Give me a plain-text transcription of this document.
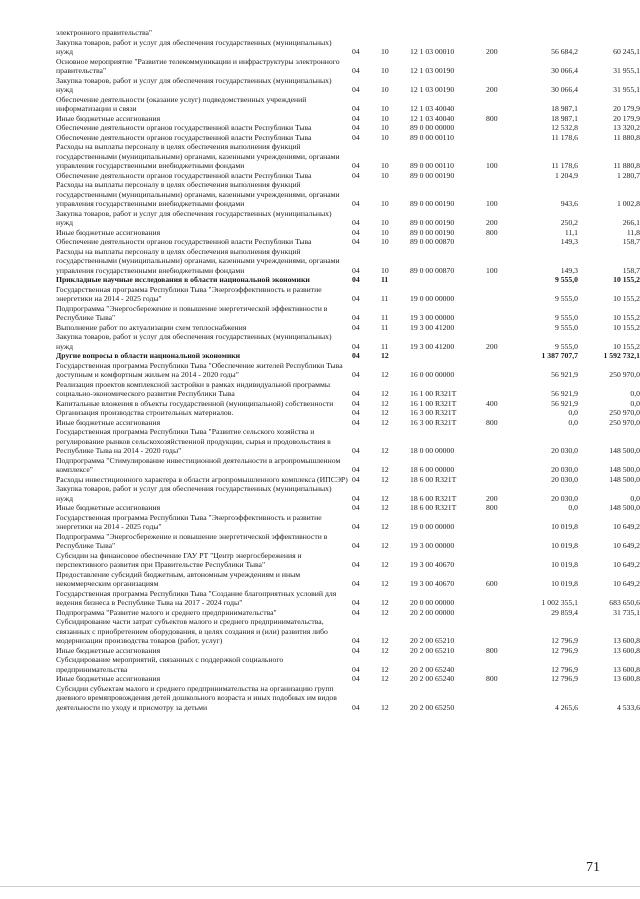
электронного правительства"						
Закупка товаров, работ и услуг для обеспечения государственных (муниципальных) нужд	04	10	12 1 03 00010	200	56 684,2	60 245,1
Основное мероприятие "Развитие телекоммуникации и инфраструктуры электронного правительства"	04	10	12 1 03 00190		30 066,4	31 955,1
Закупка товаров, работ и услуг для обеспечения государственных (муниципальных) нужд	04	10	12 1 03 00190	200	30 066,4	31 955,1
Обеспечение деятельности (оказание услуг) подведомственных учреждений информатизации и связи	04	10	12 1 03 40040		18 987,1	20 179,9
Иные бюджетные ассигнования	04	10	12 1 03 40040	800	18 987,1	20 179,9
Обеспечение деятельности органов государственной власти Республики Тыва	04	10	89 0 00 00000		12 532,8	13 320,2
Обеспечение деятельности органов государственной власти Республики Тыва	04	10	89 0 00 00110		11 178,6	11 880,8
Расходы на выплаты персоналу в целях обеспечения выполнения функций государственными (муниципальными) органами, казенными учреждениями, органами управления государственными внебюджетными фондами	04	10	89 0 00 00110	100	11 178,6	11 880,8
Обеспечение деятельности органов государственной власти Республики Тыва	04	10	89 0 00 00190		1 204,9	1 280,7
Расходы на выплаты персоналу в целях обеспечения выполнения функций государственными (муниципальными) органами, казенными учреждениями, органами управления государственными внебюджетными фондами	04	10	89 0 00 00190	100	943,6	1 002,8
Закупка товаров, работ и услуг для обеспечения государственных (муниципальных) нужд	04	10	89 0 00 00190	200	250,2	266,1
Иные бюджетные ассигнования	04	10	89 0 00 00190	800	11,1	11,8
Обеспечение деятельности органов государственной власти Республики Тыва	04	10	89 0 00 00870		149,3	158,7
Расходы на выплаты персоналу в целях обеспечения выполнения функций государственными (муниципальными) органами, казенными учреждениями, органами управления государственными внебюджетными фондами	04	10	89 0 00 00870	100	149,3	158,7
Прикладные научные исследования в области национальной экономики	04	11			9 555,0	10 155,2
Государственная программа Республики Тыва "Энергоэффективность и развитие энергетики на 2014 - 2025 годы"	04	11	19 0 00 00000		9 555,0	10 155,2
Подпрограмма "Энергосбережение и повышение энергетической эффективности в Республике Тыва"	04	11	19 3 00 00000		9 555,0	10 155,2
Выполнение работ по актуализации схем теплоснабжения	04	11	19 3 00 41200		9 555,0	10 155,2
Закупка товаров, работ и услуг для обеспечения государственных (муниципальных) нужд	04	11	19 3 00 41200	200	9 555,0	10 155,2
Другие вопросы в области национальной экономики	04	12			1 387 707,7	1 592 732,1
Государственная программа Республики Тыва "Обеспечение жителей Республики Тыва доступным и комфортным жильем на 2014 - 2020 годы"	04	12	16 0 00 00000		56 921,9	250 970,0
Реализация проектов комплексной застройки в рамках индивидуальной программы социально-экономического развития Республики Тыва	04	12	16 1 00 R321Т		56 921,9	0,0
Капитальные вложения в объекты государственной (муниципальной) собственности	04	12	16 1 00 R321Т	400	56 921,9	0,0
Организация производства строительных материалов.	04	12	16 3 00 R321Т		0,0	250 970,0
Иные бюджетные ассигнования	04	12	16 3 00 R321Т	800	0,0	250 970,0
Государственная программа Республики Тыва "Развитие сельского хозяйства и регулирование рынков сельскохозяйственной продукции, сырья и продовольствия в Республике Тыва на 2014 - 2020 годы"	04	12	18 0 00 00000		20 030,0	148 500,0
Подпрограмма "Стимулирование инвестиционной деятельности в агропромышленном комплексе"	04	12	18 6 00 00000		20 030,0	148 500,0
Расходы инвестиционного характера в области агропромышленного комплекса (ИПСЭР)	04	12	18 6 00 R321Т		20 030,0	148 500,0
Закупка товаров, работ и услуг для обеспечения государственных (муниципальных) нужд	04	12	18 6 00 R321Т	200	20 030,0	0,0
Иные бюджетные ассигнования	04	12	18 6 00 R321Т	800	0,0	148 500,0
Государственная программа Республики Тыва "Энергоэффективность и развитие энергетики на 2014 - 2025 годы"	04	12	19 0 00 00000		10 019,8	10 649,2
Подпрограмма "Энергосбережение и повышение энергетической эффективности в Республике Тыва"	04	12	19 3 00 00000		10 019,8	10 649,2
Субсидии на финансовое обеспечение ГАУ РТ "Центр энергосбережения и перспективного развития при Правительстве Республики Тыва"	04	12	19 3 00 40670		10 019,8	10 649,2
Предоставление субсидий бюджетным, автономным учреждениям и иным некоммерческим организациям	04	12	19 3 00 40670	600	10 019,8	10 649,2
Государственная программа Республики Тыва "Создание благоприятных условий для ведения бизнеса в Республике Тыва на 2017 - 2024 годы"	04	12	20 0 00 00000		1 002 355,1	683 650,6
Подпрограмма "Развитие малого и среднего предпринимательства"	04	12	20 2 00 00000		29 859,4	31 735,1
Субсидирование части затрат субъектов малого и среднего предпринимательства, связанных с приобретением оборудования, в целях создания и (или) развития либо модернизации производства товаров (работ, услуг)	04	12	20 2 00 65210		12 796,9	13 600,8
Иные бюджетные ассигнования	04	12	20 2 00 65210	800	12 796,9	13 600,8
Субсидирование мероприятий, связанных с поддержкой социального предпринимательства	04	12	20 2 00 65240		12 796,9	13 600,8
Иные бюджетные ассигнования	04	12	20 2 00 65240	800	12 796,9	13 600,8
Субсидии субъектам малого и среднего предпринимательства на организацию групп дневного времяпровождения детей дошкольного возраста и иных подобных им видов деятельности по уходу и присмотру за детьми	04	12	20 2 00 65250		4 265,6	4 533,6
71
